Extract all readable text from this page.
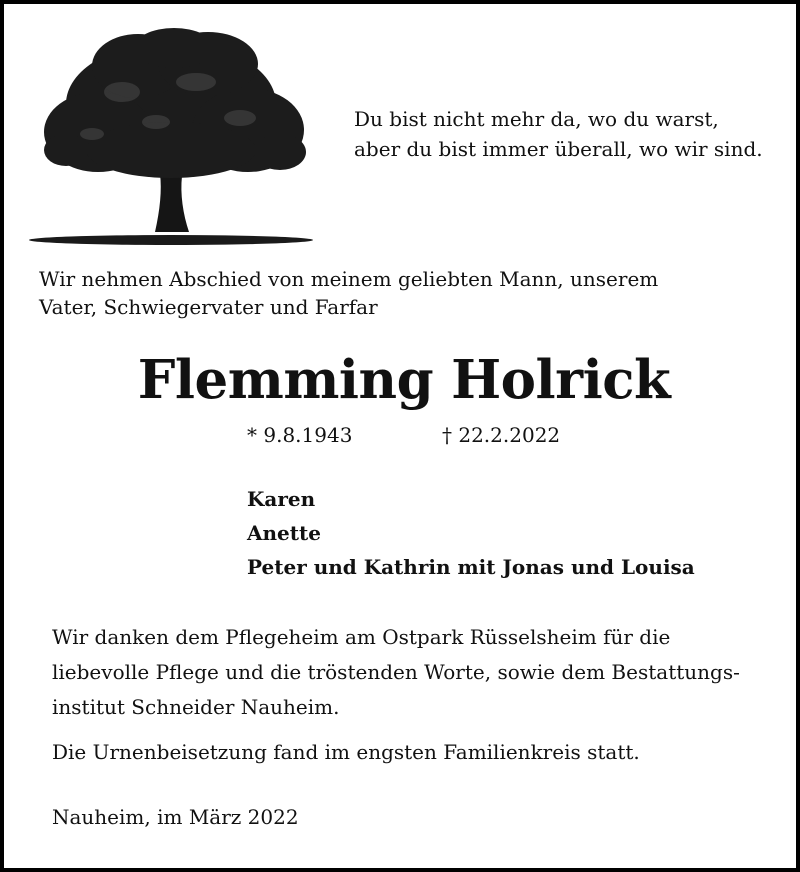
Du bist nicht mehr da, wo du warst,
aber du bist immer überall, wo wir sind.
Wir nehmen Abschied von meinem geliebten Mann, unserem
Vater, Schwiegervater und Farfar
Flemming Holrick
* 9.8.1943	† 22.2.2022
Karen
Anette
Peter und Kathrin mit Jonas und Louisa
Wir danken dem Pflegeheim am Ostpark Rüsselsheim für die
liebevolle Pflege und die tröstenden Worte, sowie dem Bestattungs-
institut Schneider Nauheim.
Die Urnenbeisetzung fand im engsten Familienkreis statt.
Nauheim, im März 2022
